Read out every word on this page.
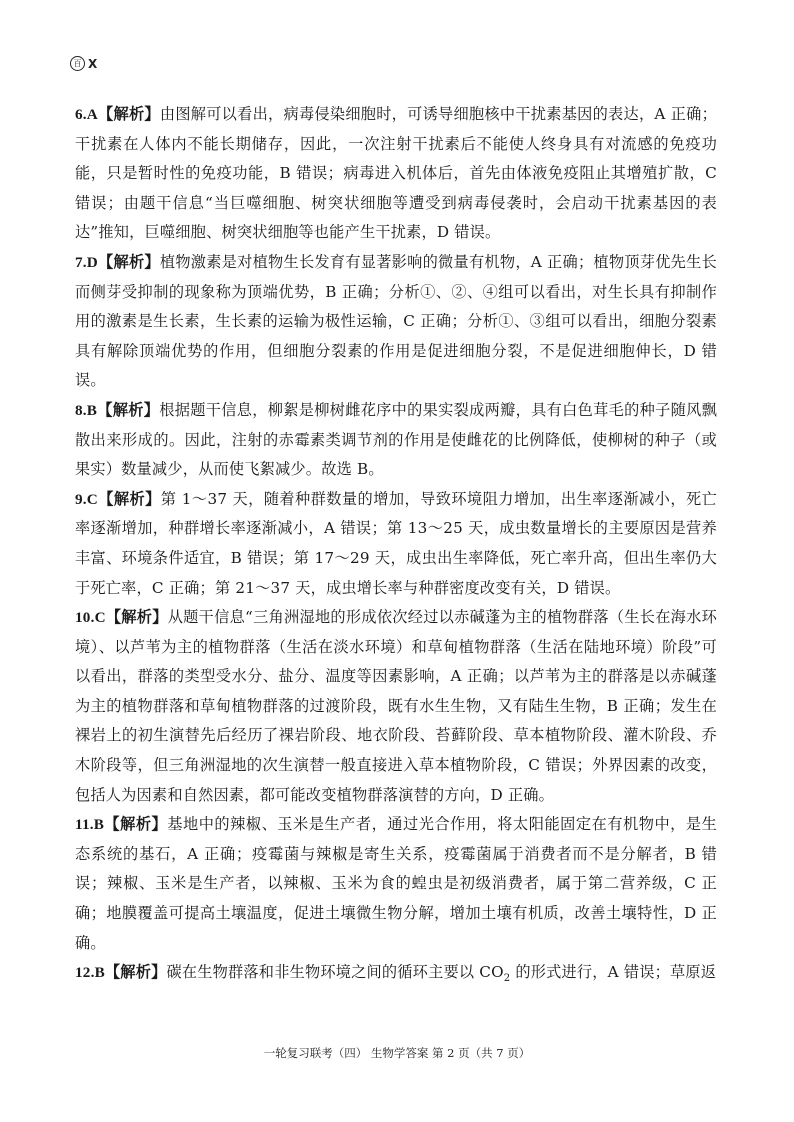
百 X

6.A【解析】由图解可以看出，病毒侵染细胞时，可诱导细胞核中干扰素基因的表达，A 正确；干扰素在人体内不能长期储存，因此，一次注射干扰素后不能使人终身具有对流感的免疫功能，只是暂时性的免疫功能，B 错误；病毒进入机体后，首先由体液免疫阻止其增殖扩散，C 错误；由题干信息“当巨噬细胞、树突状细胞等遭受到病毒侵袭时，会启动干扰素基因的表达”推知，巨噬细胞、树突状细胞等也能产生干扰素，D 错误。

7.D【解析】植物激素是对植物生长发育有显著影响的微量有机物，A 正确；植物顶芽优先生长而侧芽受抑制的现象称为顶端优势，B 正确；分析①、②、④组可以看出，对生长具有抑制作用的激素是生长素，生长素的运输为极性运输，C 正确；分析①、③组可以看出，细胞分裂素具有解除顶端优势的作用，但细胞分裂素的作用是促进细胞分裂，不是促进细胞伸长，D 错误。

8.B【解析】根据题干信息，柳絮是柳树雌花序中的果实裂成两瓣，具有白色茸毛的种子随风飘散出来形成的。因此，注射的赤霉素类调节剂的作用是使雌花的比例降低，使柳树的种子（或果实）数量减少，从而使飞絮减少。故选 B。

9.C【解析】第 1～37 天，随着种群数量的增加，导致环境阻力增加，出生率逐渐减小，死亡率逐渐增加，种群增长率逐渐减小，A 错误；第 13～25 天，成虫数量增长的主要原因是营养丰富、环境条件适宜，B 错误；第 17～29 天，成虫出生率降低，死亡率升高，但出生率仍大于死亡率，C 正确；第 21～37 天，成虫增长率与种群密度改变有关，D 错误。

10.C【解析】从题干信息“三角洲湿地的形成依次经过以赤碱蓬为主的植物群落（生长在海水环境）、以芦苇为主的植物群落（生活在淡水环境）和草甸植物群落（生活在陆地环境）阶段”可以看出，群落的类型受水分、盐分、温度等因素影响，A 正确；以芦苇为主的群落是以赤碱蓬为主的植物群落和草甸植物群落的过渡阶段，既有水生生物，又有陆生生物，B 正确；发生在裸岩上的初生演替先后经历了裸岩阶段、地衣阶段、苔藓阶段、草本植物阶段、灌木阶段、乔木阶段等，但三角洲湿地的次生演替一般直接进入草本植物阶段，C 错误；外界因素的改变，包括人为因素和自然因素，都可能改变植物群落演替的方向，D 正确。

11.B【解析】基地中的辣椒、玉米是生产者，通过光合作用，将太阳能固定在有机物中，是生态系统的基石，A 正确；疫霉菌与辣椒是寄生关系，疫霉菌属于消费者而不是分解者，B 错误；辣椒、玉米是生产者，以辣椒、玉米为食的蝗虫是初级消费者，属于第二营养级，C 正确；地膜覆盖可提高土壤温度，促进土壤微生物分解，增加土壤有机质，改善土壤特性，D 正确。

12.B【解析】碳在生物群落和非生物环境之间的循环主要以 $CO_2$ 的形式进行，A 错误；草原返

一轮复习联考（四） 生物学答案 第 2 页（共 7 页）
